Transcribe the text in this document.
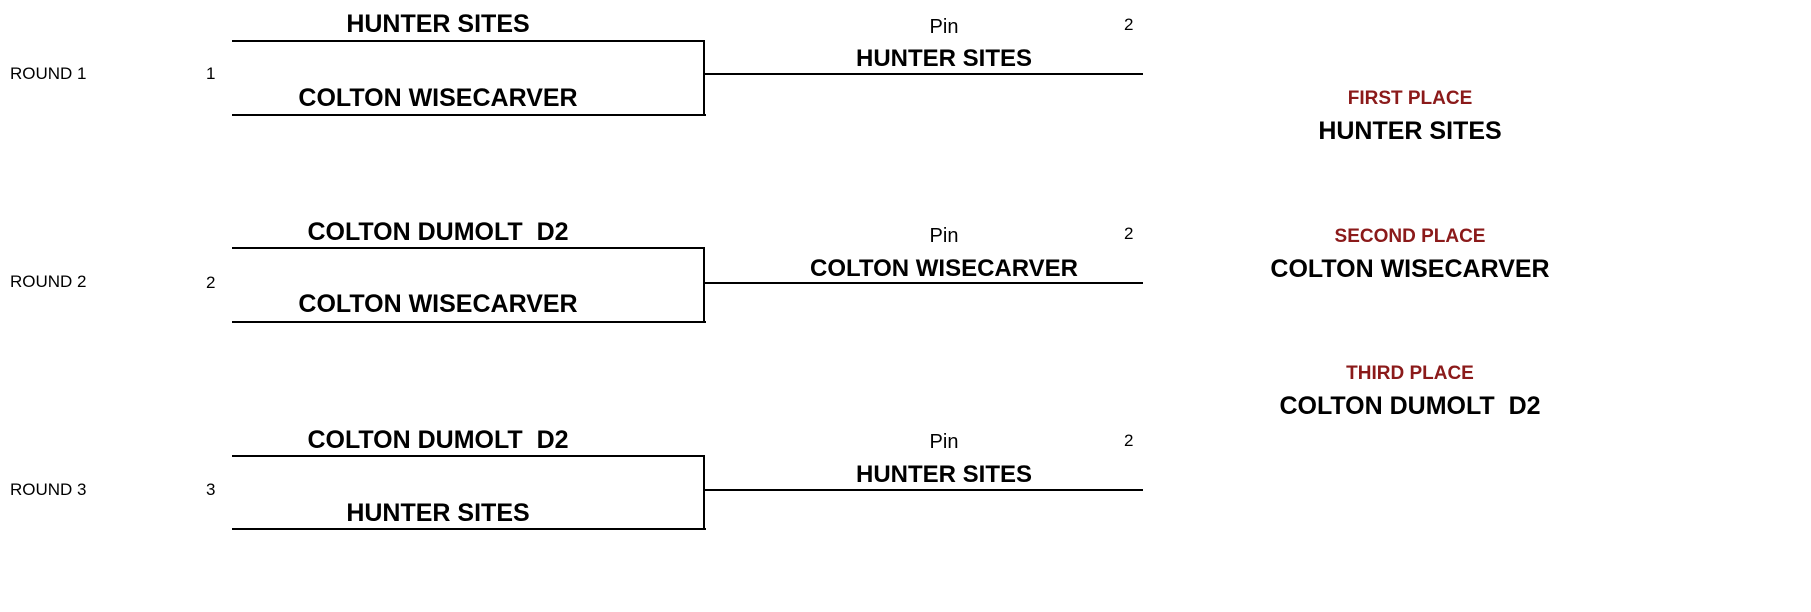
ROUND 1	1
HUNTER SITES
COLTON WISECARVER
Pin	2
HUNTER SITES
ROUND 2	2
COLTON DUMOLT  D2
COLTON WISECARVER
Pin	2
COLTON WISECARVER
ROUND 3	3
COLTON DUMOLT  D2
HUNTER SITES
Pin	2
HUNTER SITES
FIRST PLACE
HUNTER SITES
SECOND PLACE
COLTON WISECARVER
THIRD PLACE
COLTON DUMOLT  D2
